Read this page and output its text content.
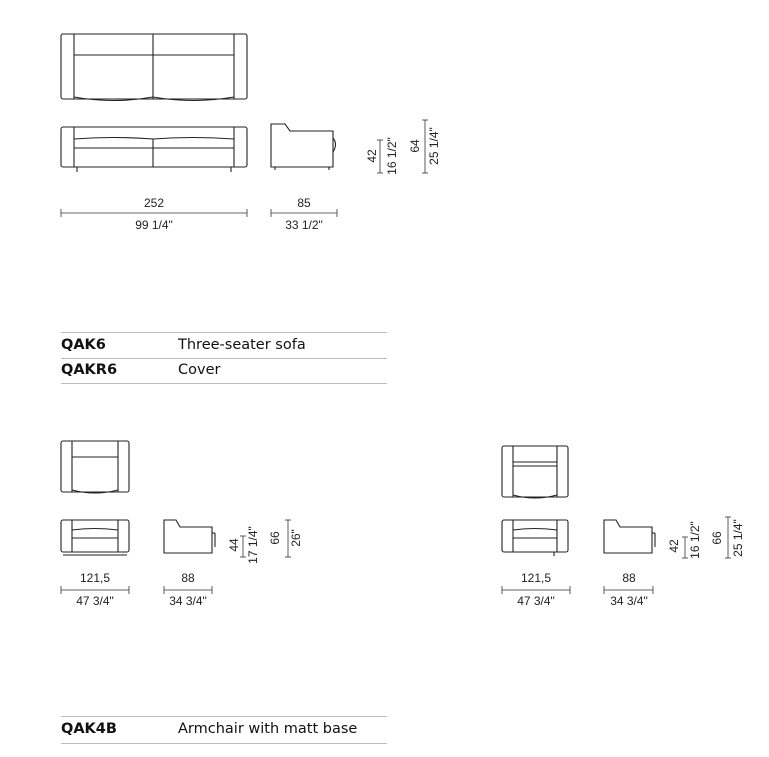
252
99 1/4"
85
33 1/2"
42 16 1/2" 64 25 1/4"
121,5
47 3/4"
88
34 3/4"
44 17 1/4" 66 26"
121,5
47 3/4"
88
34 3/4"
42 16 1/2" 66 25 1/4"
QAK6	Three-seater sofa
QAKR6	Cover
QAK4B	Armchair with matt base
